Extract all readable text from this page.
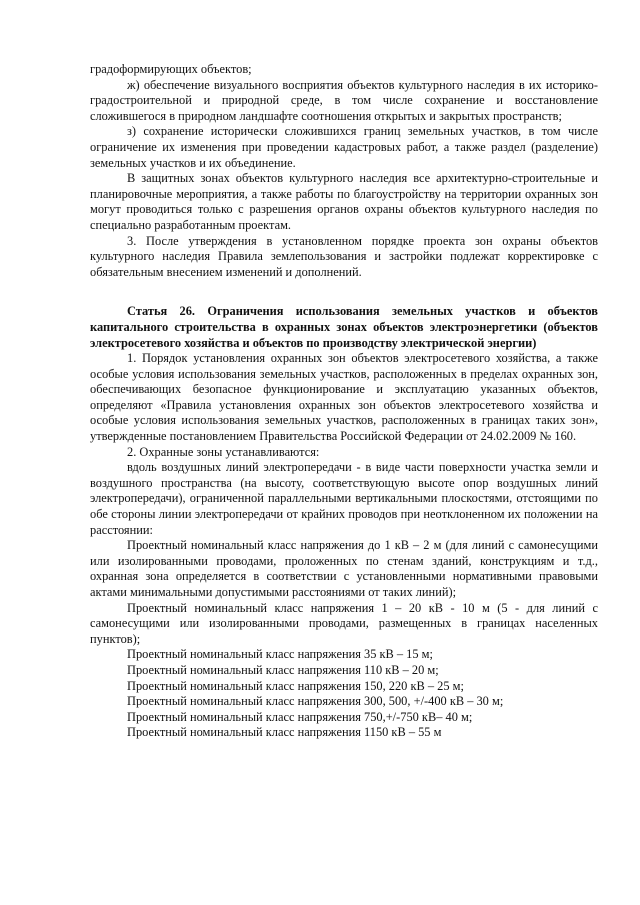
градоформирующих объектов;

ж) обеспечение визуального восприятия объектов культурного наследия в их историко-градостроительной и природной среде, в том числе сохранение и восстановление сложившегося в природном ландшафте соотношения открытых и закрытых пространств;

з) сохранение исторически сложившихся границ земельных участков, в том числе ограничение их изменения при проведении кадастровых работ, а также раздел (разделение) земельных участков и их объединение.

В защитных зонах объектов культурного наследия все архитектурно-строительные и планировочные мероприятия, а также работы по благоустройству на территории охранных зон могут проводиться только с разрешения органов охраны объектов культурного наследия по специально разработанным проектам.

3. После утверждения в установленном порядке проекта зон охраны объектов культурного наследия Правила землепользования и застройки подлежат корректировке с обязательным внесением изменений и дополнений.

Статья 26. Ограничения использования земельных участков и объектов капитального строительства в охранных зонах объектов электроэнергетики (объектов электросетевого хозяйства и объектов по производству электрической энергии)

1. Порядок установления охранных зон объектов электросетевого хозяйства, а также особые условия использования земельных участков, расположенных в пределах охранных зон, обеспечивающих безопасное функционирование и эксплуатацию указанных объектов, определяют «Правила установления охранных зон объектов электросетевого хозяйства и особые условия использования земельных участков, расположенных в границах таких зон», утвержденные постановлением Правительства Российской Федерации от 24.02.2009 № 160.

2. Охранные зоны устанавливаются:

вдоль воздушных линий электропередачи - в виде части поверхности участка земли и воздушного пространства (на высоту, соответствующую высоте опор воздушных линий электропередачи), ограниченной параллельными вертикальными плоскостями, отстоящими по обе стороны линии электропередачи от крайних проводов при неотклоненном их положении на расстоянии:

Проектный номинальный класс напряжения до 1 кВ – 2 м (для линий с самонесущими или изолированными проводами, проложенных по стенам зданий, конструкциям и т.д., охранная зона определяется в соответствии с установленными нормативными правовыми актами минимальными допустимыми расстояниями от таких линий);

Проектный номинальный класс напряжения 1 – 20 кВ - 10 м (5 - для линий с самонесущими или изолированными проводами, размещенных в границах населенных пунктов);

Проектный номинальный класс напряжения 35 кВ – 15 м;
Проектный номинальный класс напряжения 110 кВ – 20 м;
Проектный номинальный класс напряжения 150, 220 кВ – 25 м;
Проектный номинальный класс напряжения 300, 500, +/-400 кВ – 30 м;
Проектный номинальный класс напряжения 750,+/-750 кВ– 40 м;
Проектный номинальный класс напряжения 1150 кВ – 55 м
